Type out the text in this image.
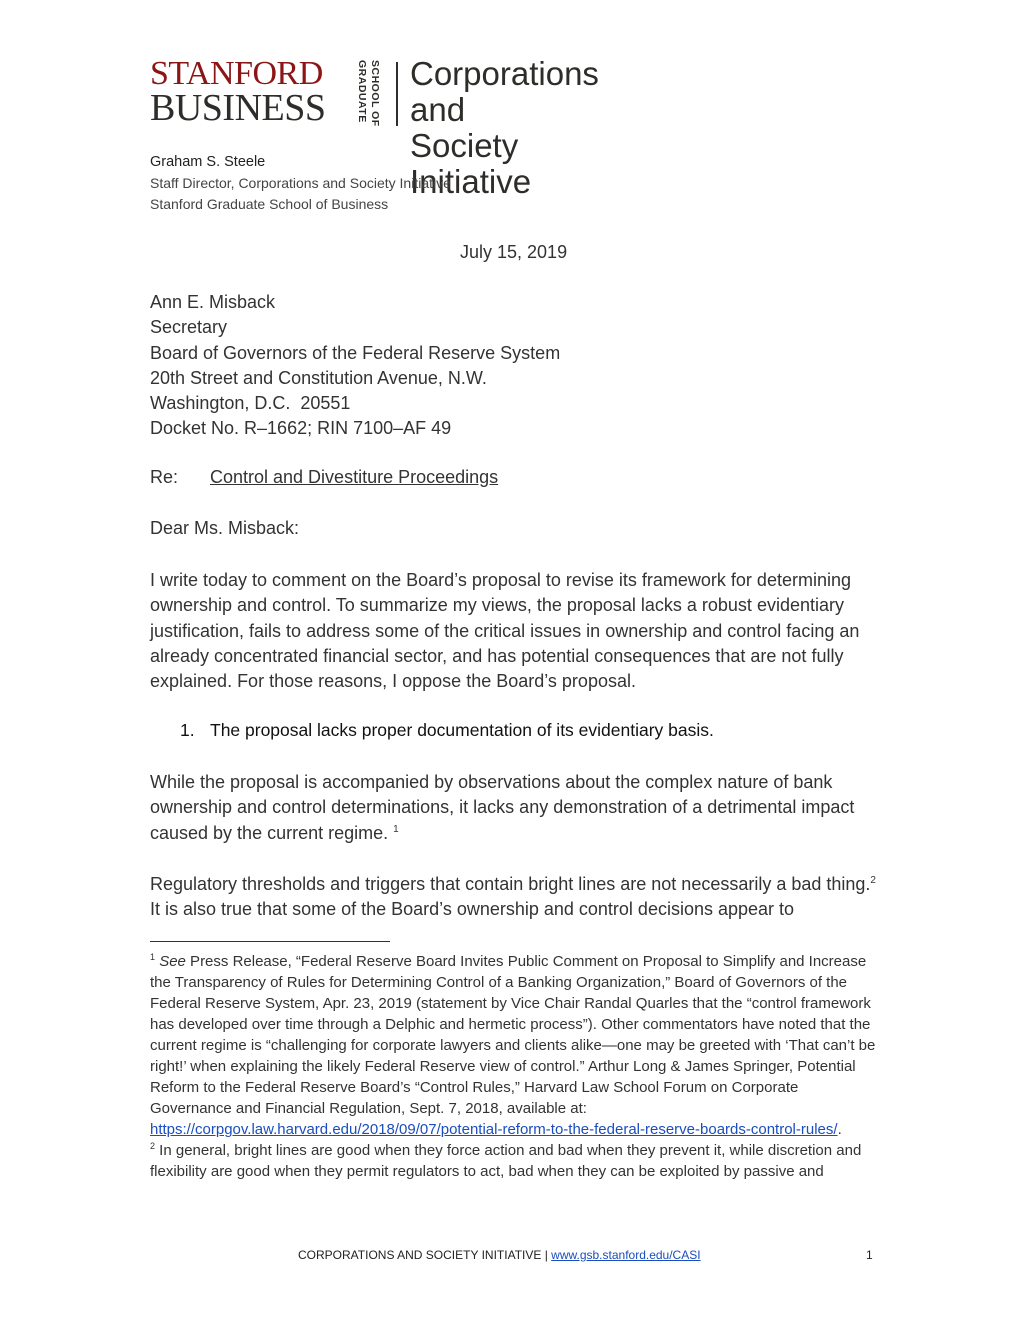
STANFORD
BUSINESS	GRADUATE SCHOOL OF Corporations and
Society Initiative
Graham S. Steele
Staff Director, Corporations and Society Initiative
Stanford Graduate School of Business
July 15, 2019
Ann E. Misback
Secretary
Board of Governors of the Federal Reserve System
20th Street and Constitution Avenue, N.W.
Washington, D.C.  20551
Docket No. R–1662; RIN 7100–AF 49
Re: Control and Divestiture Proceedings
Dear Ms. Misback:
I write today to comment on the Board’s proposal to revise its framework for determining ownership and control. To summarize my views, the proposal lacks a robust evidentiary justification, fails to address some of the critical issues in ownership and control facing an already concentrated financial sector, and has potential consequences that are not fully explained. For those reasons, I oppose the Board’s proposal.
1. The proposal lacks proper documentation of its evidentiary basis.
While the proposal is accompanied by observations about the complex nature of bank ownership and control determinations, it lacks any demonstration of a detrimental impact caused by the current regime. $^1$
Regulatory thresholds and triggers that contain bright lines are not necessarily a bad thing.$^2$ It is also true that some of the Board’s ownership and control decisions appear to
$^1$ See Press Release, “Federal Reserve Board Invites Public Comment on Proposal to Simplify and Increase the Transparency of Rules for Determining Control of a Banking Organization,” Board of Governors of the Federal Reserve System, Apr. 23, 2019 (statement by Vice Chair Randal Quarles that the “control framework has developed over time through a Delphic and hermetic process”). Other commentators have noted that the current regime is “challenging for corporate lawyers and clients alike—one may be greeted with ‘That can’t be right!’ when explaining the likely Federal Reserve view of control.” Arthur Long & James Springer, Potential Reform to the Federal Reserve Board’s “Control Rules,” Harvard Law School Forum on Corporate Governance and Financial Regulation, Sept. 7, 2018, available at: https://corpgov.law.harvard.edu/2018/09/07/potential-reform-to-the-federal-reserve-boards-control-rules/.
$^2$ In general, bright lines are good when they force action and bad when they prevent it, while discretion and flexibility are good when they permit regulators to act, bad when they can be exploited by passive and
CORPORATIONS AND SOCIETY INITIATIVE | www.gsb.stanford.edu/CASI	1
